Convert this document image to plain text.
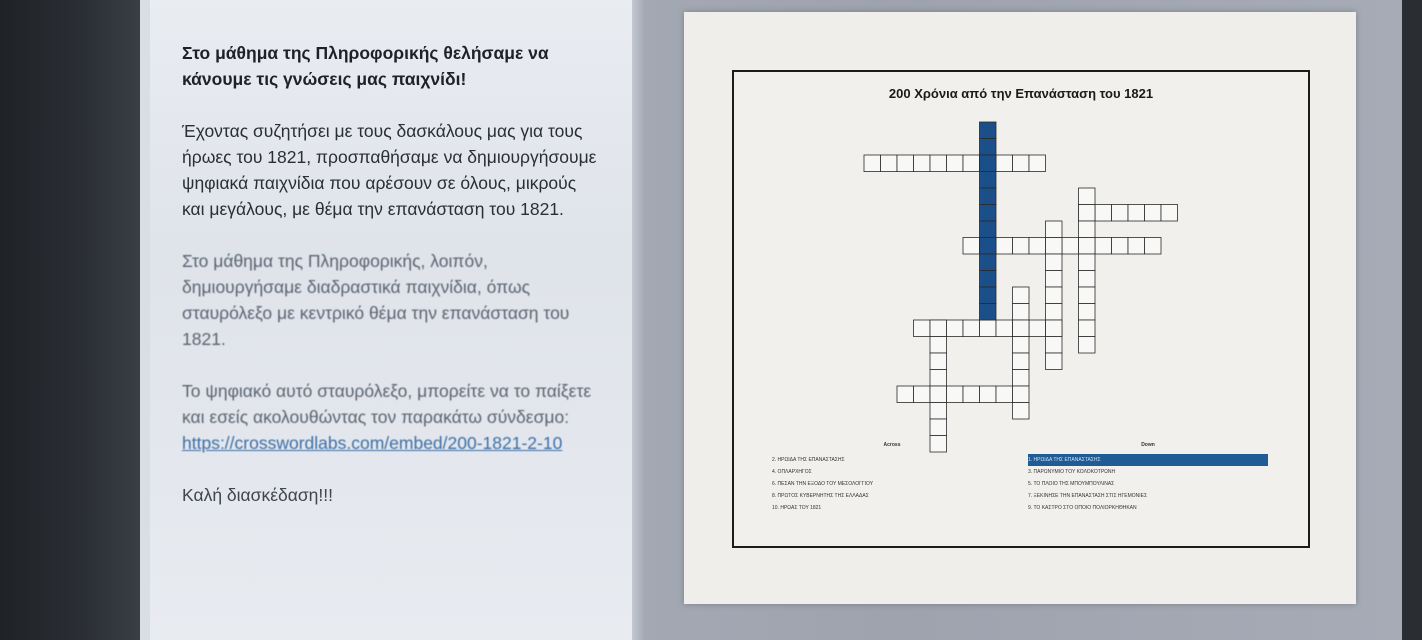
Στο μάθημα της Πληροφορικής θελήσαμε να κάνουμε τις γνώσεις μας παιχνίδι!

Έχοντας συζητήσει με τους δασκάλους μας για τους ήρωες του 1821, προσπαθήσαμε να δημιουργήσουμε ψηφιακά παιχνίδια που αρέσουν σε όλους, μικρούς και μεγάλους, με θέμα την επανάσταση του 1821.

Στο μάθημα της Πληροφορικής, λοιπόν, δημιουργήσαμε διαδραστικά παιχνίδια, όπως σταυρόλεξο με κεντρικό θέμα την επανάσταση του 1821.

Το ψηφιακό αυτό σταυρόλεξο, μπορείτε να το παίξετε και εσείς ακολουθώντας τον παρακάτω σύνδεσμο:
https://crosswordlabs.com/embed/200-1821-2-10

Καλή διασκέδαση!!!

200 Χρόνια από την Επανάσταση του 1821
Across
2. ΗΡΩΙΔΑ ΤΗΣ ΕΠΑΝΑΣΤΑΣΗΣ
4. ΟΠΛΑΡΧΗΓΟΣ
6. ΠΕΣΑΝ ΤΗΝ ΕΞΟΔΟ ΤΟΥ ΜΕΣΟΛΟΓΓΙΟΥ
8. ΠΡΩΤΟΣ ΚΥΒΕΡΝΗΤΗΣ ΤΗΣ ΕΛΛΑΔΑΣ
10. ΗΡΩΑΣ ΤΟΥ 1821
Down
1. ΗΡΩΙΔΑ ΤΗΣ ΕΠΑΝΑΣΤΑΣΗΣ
3. ΠΑΡΩΝΥΜΙΟ ΤΟΥ ΚΟΛΟΚΟΤΡΩΝΗ
5. ΤΟ ΠΛΟΙΟ ΤΗΣ ΜΠΟΥΜΠΟΥΛΙΝΑΣ
7. ΞΕΚΙΝΗΣΕ ΤΗΝ ΕΠΑΝΑΣΤΑΣΗ ΣΤΙΣ ΗΓΕΜΟΝΙΕΣ
9. ΤΟ ΚΑΣΤΡΟ ΣΤΟ ΟΠΟΙΟ ΠΟΛΙΟΡΚΗΘΗΚΑΝ
